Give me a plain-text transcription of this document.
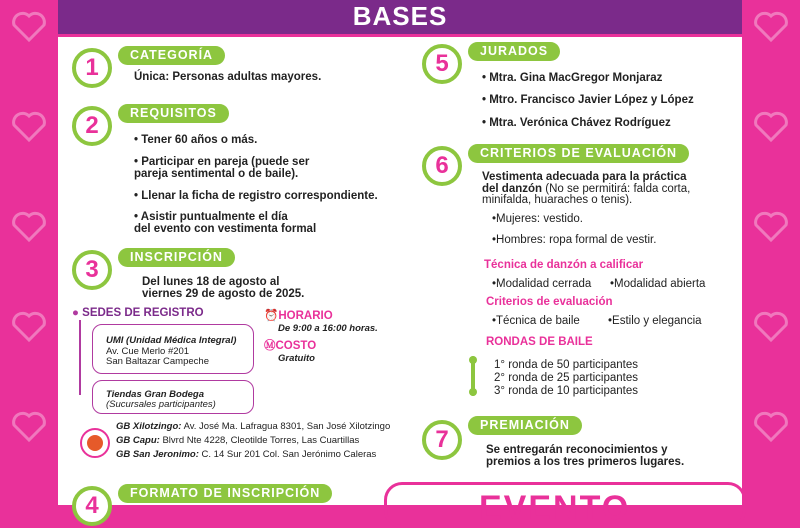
BASES
1	CATEGORÍA
Única: Personas adultas mayores.
2	REQUISITOS
• Tener 60 años o más.
• Participar en pareja (puede ser
pareja sentimental o de baile).
• Llenar la ficha de registro correspondiente.
• Asistir puntualmente el día
del evento con vestimenta formal
3	INSCRIPCIÓN
Del lunes 18 de agosto al
viernes 29 de agosto de 2025.
● SEDES DE REGISTRO
UMI (Unidad Médica Integral)
Av. Cue Merlo #201
San Baltazar Campeche
Tiendas Gran Bodega
(Sucursales participantes)
⏰HORARIO
De 9:00 a 16:00 horas.
ⓂCOSTO
Gratuito
GB Xilotzingo: Av. José Ma. Lafragua 8301, San José Xilotzingo
GB Capu: Blvrd Nte 4228, Cleotilde Torres, Las Cuartillas
GB San Jeronimo: C. 14 Sur 201 Col. San Jerónimo Caleras
4	FORMATO DE INSCRIPCIÓN
5	JURADOS
• Mtra. Gina MacGregor Monjaraz
• Mtro. Francisco Javier López y López
• Mtra. Verónica Chávez Rodríguez
6	CRITERIOS DE EVALUACIÓN
Vestimenta adecuada para la práctica
del danzón (No se permitirá: falda corta,
minifalda, huaraches o tenis).
•Mujeres: vestido.
•Hombres: ropa formal de vestir.
Técnica de danzón a calificar
•Modalidad cerrada •Modalidad abierta
Criterios de evaluación
•Técnica de baile •Estilo y elegancia
RONDAS DE BAILE
1° ronda de 50 participantes
2° ronda de 25 participantes
3° ronda de 10 participantes
7
PREMIACIÓN
Se entregarán reconocimientos y
premios a los tres primeros lugares.
EVENTO
